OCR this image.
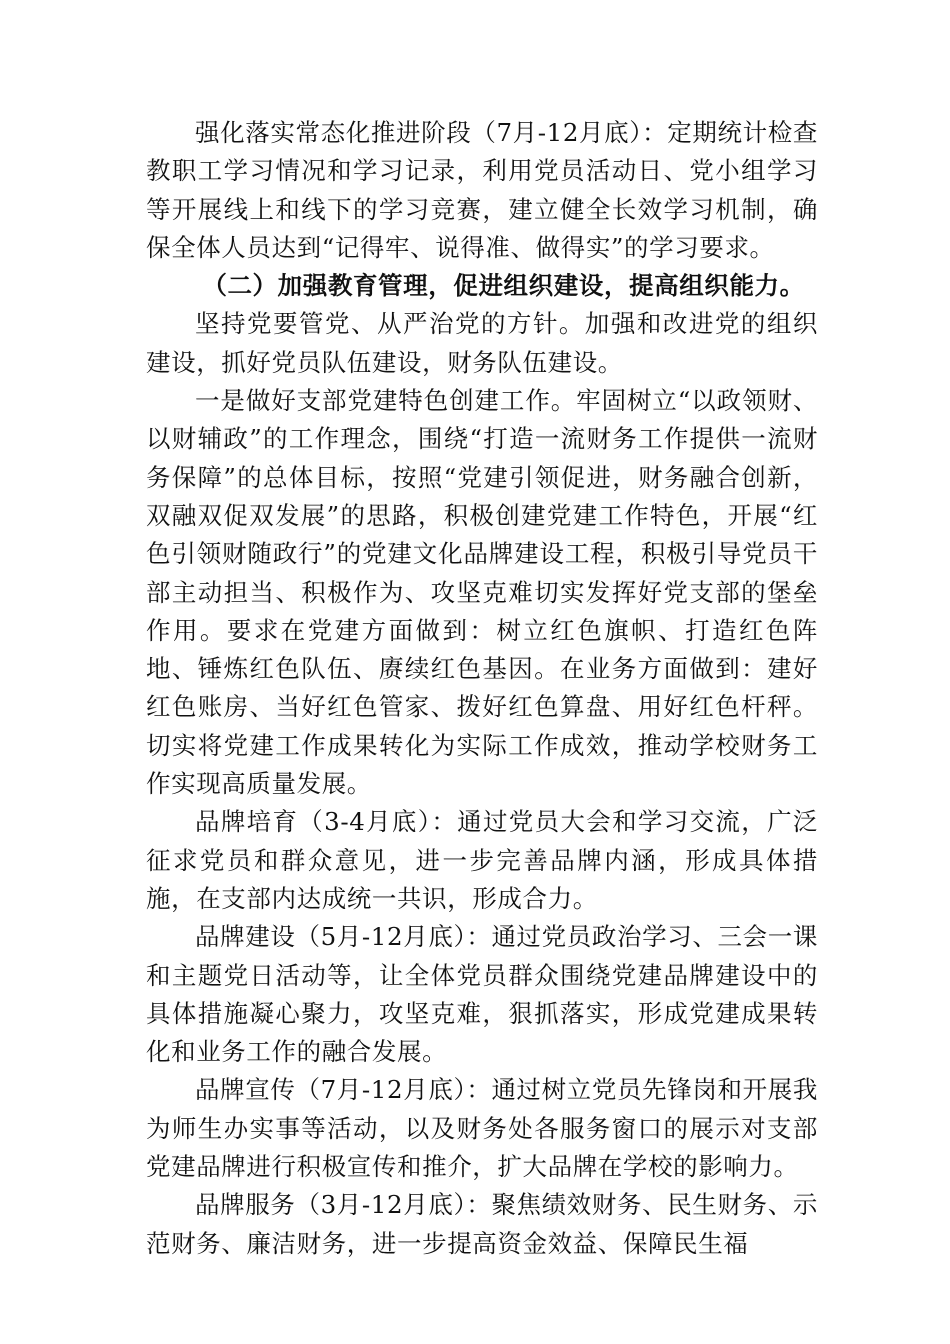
强化落实常态化推进阶段（7月-12月底）：定期统计检查教职工学习情况和学习记录，利用党员活动日、党小组学习等开展线上和线下的学习竞赛，建立健全长效学习机制，确保全体人员达到“记得牢、说得准、做得实”的学习要求。

（二）加强教育管理，促进组织建设，提高组织能力。

坚持党要管党、从严治党的方针。加强和改进党的组织建设，抓好党员队伍建设，财务队伍建设。

一是做好支部党建特色创建工作。牢固树立“以政领财、以财辅政”的工作理念，围绕“打造一流财务工作提供一流财务保障”的总体目标，按照“党建引领促进，财务融合创新，双融双促双发展”的思路，积极创建党建工作特色，开展“红色引领财随政行”的党建文化品牌建设工程，积极引导党员干部主动担当、积极作为、攻坚克难切实发挥好党支部的堡垒作用。要求在党建方面做到：树立红色旗帜、打造红色阵地、锤炼红色队伍、赓续红色基因。在业务方面做到：建好红色账房、当好红色管家、拨好红色算盘、用好红色杆秤。切实将党建工作成果转化为实际工作成效，推动学校财务工作实现高质量发展。

品牌培育（3-4月底）：通过党员大会和学习交流，广泛征求党员和群众意见，进一步完善品牌内涵，形成具体措施，在支部内达成统一共识，形成合力。

品牌建设（5月-12月底）：通过党员政治学习、三会一课和主题党日活动等，让全体党员群众围绕党建品牌建设中的具体措施凝心聚力，攻坚克难，狠抓落实，形成党建成果转化和业务工作的融合发展。

品牌宣传（7月-12月底）：通过树立党员先锋岗和开展我为师生办实事等活动，以及财务处各服务窗口的展示对支部党建品牌进行积极宣传和推介，扩大品牌在学校的影响力。

品牌服务（3月-12月底）：聚焦绩效财务、民生财务、示范财务、廉洁财务，进一步提高资金效益、保障民生福
